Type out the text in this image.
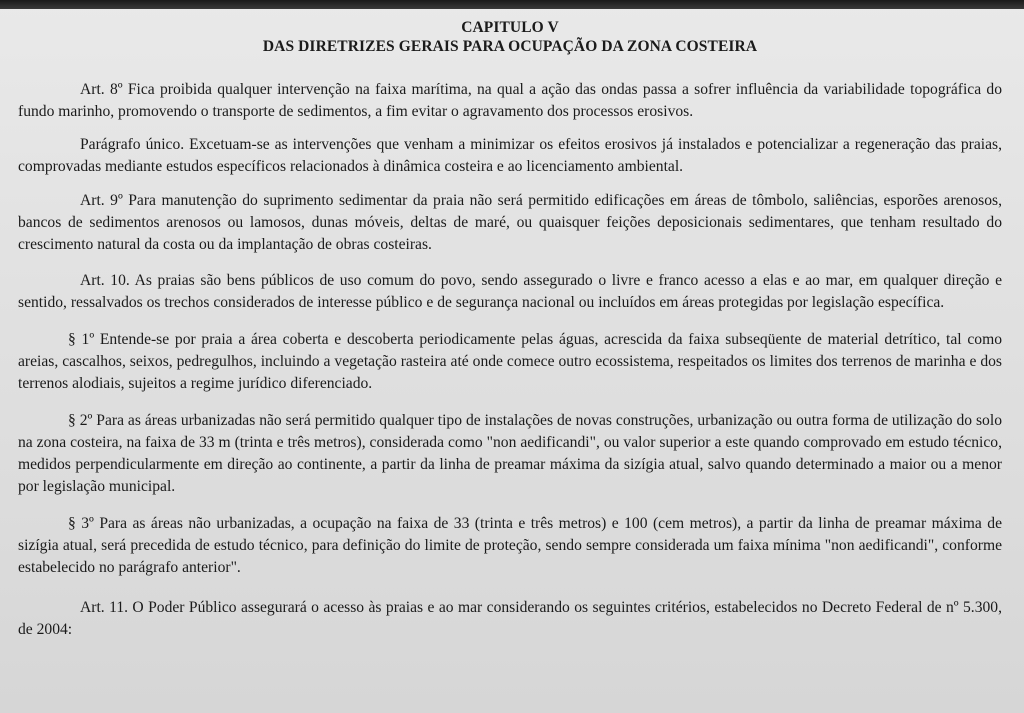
CAPITULO V
DAS DIRETRIZES GERAIS PARA OCUPAÇÃO DA ZONA COSTEIRA

Art. 8º Fica proibida qualquer intervenção na faixa marítima, na qual a ação das ondas passa a sofrer influência da variabilidade topográfica do fundo marinho, promovendo o transporte de sedimentos, a fim evitar o agravamento dos processos erosivos.

Parágrafo único. Excetuam-se as intervenções que venham a minimizar os efeitos erosivos já instalados e potencializar a regeneração das praias, comprovadas mediante estudos específicos relacionados à dinâmica costeira e ao licenciamento ambiental.

Art. 9º Para manutenção do suprimento sedimentar da praia não será permitido edificações em áreas de tômbolo, saliências, esporões arenosos, bancos de sedimentos arenosos ou lamosos, dunas móveis, deltas de maré, ou quaisquer feições deposicionais sedimentares, que tenham resultado do crescimento natural da costa ou da implantação de obras costeiras.

Art. 10. As praias são bens públicos de uso comum do povo, sendo assegurado o livre e franco acesso a elas e ao mar, em qualquer direção e sentido, ressalvados os trechos considerados de interesse público e de segurança nacional ou incluídos em áreas protegidas por legislação específica.

§ 1º Entende-se por praia a área coberta e descoberta periodicamente pelas águas, acrescida da faixa subseqüente de material detrítico, tal como areias, cascalhos, seixos, pedregulhos, incluindo a vegetação rasteira até onde comece outro ecossistema, respeitados os limites dos terrenos de marinha e dos terrenos alodiais, sujeitos a regime jurídico diferenciado.

§ 2º Para as áreas urbanizadas não será permitido qualquer tipo de instalações de novas construções, urbanização ou outra forma de utilização do solo na zona costeira, na faixa de 33 m (trinta e três metros), considerada como "non aedificandi", ou valor superior a este quando comprovado em estudo técnico, medidos perpendicularmente em direção ao continente, a partir da linha de preamar máxima da sizígia atual, salvo quando determinado a maior ou a menor por legislação municipal.

§ 3º Para as áreas não urbanizadas, a ocupação na faixa de 33 (trinta e três metros) e 100 (cem metros), a partir da linha de preamar máxima de sizígia atual, será precedida de estudo técnico, para definição do limite de proteção, sendo sempre considerada um faixa mínima "non aedificandi", conforme estabelecido no parágrafo anterior".

Art. 11. O Poder Público assegurará o acesso às praias e ao mar considerando os seguintes critérios, estabelecidos no Decreto Federal de nº 5.300, de 2004:
